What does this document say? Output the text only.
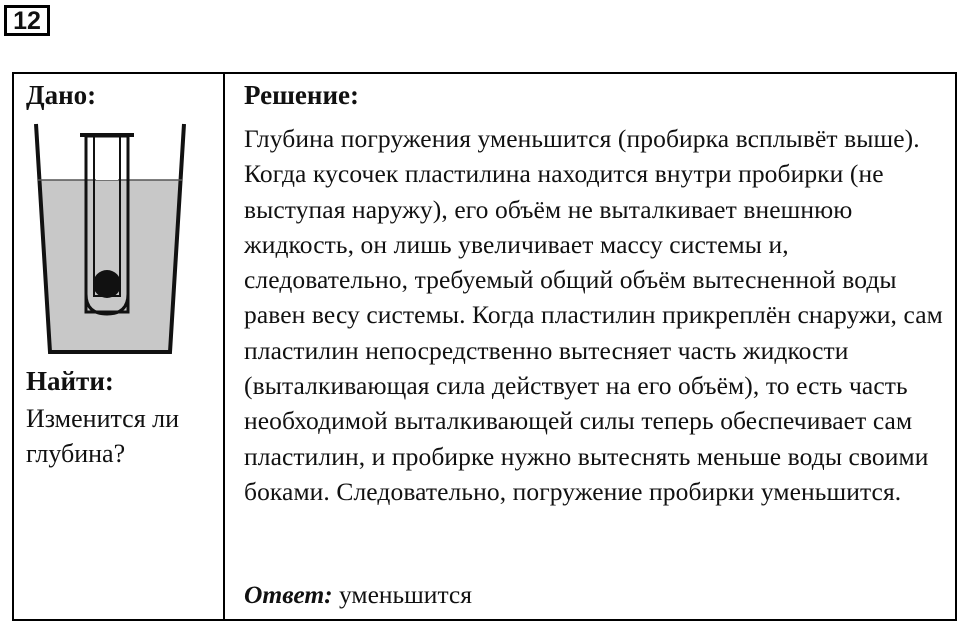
12
Дано:
Найти:
Изменится ли глубина?
Решение:
Глубина погружения уменьшится (пробирка всплывёт выше). Когда кусочек пластилина находится внутри пробирки (не выступая наружу), его объём не выталкивает внешнюю жидкость, он лишь увеличивает массу системы и, следовательно, требуемый общий объём вытесненной воды равен весу системы. Когда пластилин прикреплён снаружи, сам пластилин непосредственно вытесняет часть жидкости (выталкивающая сила действует на его объём), то есть часть необходимой выталкивающей силы теперь обеспечивает сам пластилин, и пробирке нужно вытеснять меньше воды своими боками. Следовательно, погружение пробирки уменьшится.
Ответ: уменьшится
